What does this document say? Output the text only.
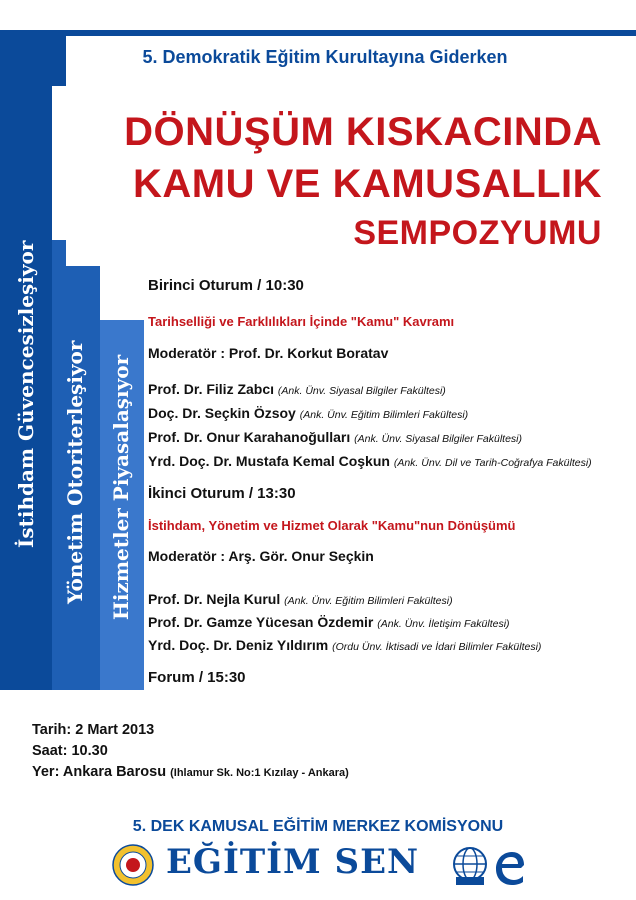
İstihdam Güvencesizleşiyor Yönetim Otoriterleşiyor Hizmetler Piyasalaşıyor
5. Demokratik Eğitim Kurultayına Giderken
DÖNÜŞÜM KISKACINDA
KAMU VE KAMUSALLIK
SEMPOZYUMU
Birinci Oturum / 10:30
Tarihselliği ve Farklılıkları İçinde "Kamu" Kavramı
Moderatör : Prof. Dr. Korkut Boratav
Prof. Dr. Filiz Zabcı (Ank. Ünv. Siyasal Bilgiler Fakültesi)
Doç. Dr. Seçkin Özsoy (Ank. Ünv. Eğitim Bilimleri Fakültesi)
Prof. Dr. Onur Karahanoğulları (Ank. Ünv. Siyasal Bilgiler Fakültesi)
Yrd. Doç. Dr. Mustafa Kemal Coşkun (Ank. Ünv. Dil ve Tarih-Coğrafya Fakültesi)
İkinci Oturum / 13:30
İstihdam, Yönetim ve Hizmet Olarak "Kamu"nun Dönüşümü
Moderatör : Arş. Gör. Onur Seçkin
Prof. Dr. Nejla Kurul (Ank. Ünv. Eğitim Bilimleri Fakültesi)
Prof. Dr. Gamze Yücesan Özdemir (Ank. Ünv. İletişim Fakültesi)
Yrd. Doç. Dr. Deniz Yıldırım (Ordu Ünv. İktisadi ve İdari Bilimler Fakültesi)
Forum / 15:30
Tarih: 2 Mart 2013
Saat: 10.30
Yer: Ankara Barosu (Ihlamur Sk. No:1 Kızılay - Ankara)
5. DEK KAMUSAL EĞİTİM MERKEZ KOMİSYONU
EĞİTİM SEN
